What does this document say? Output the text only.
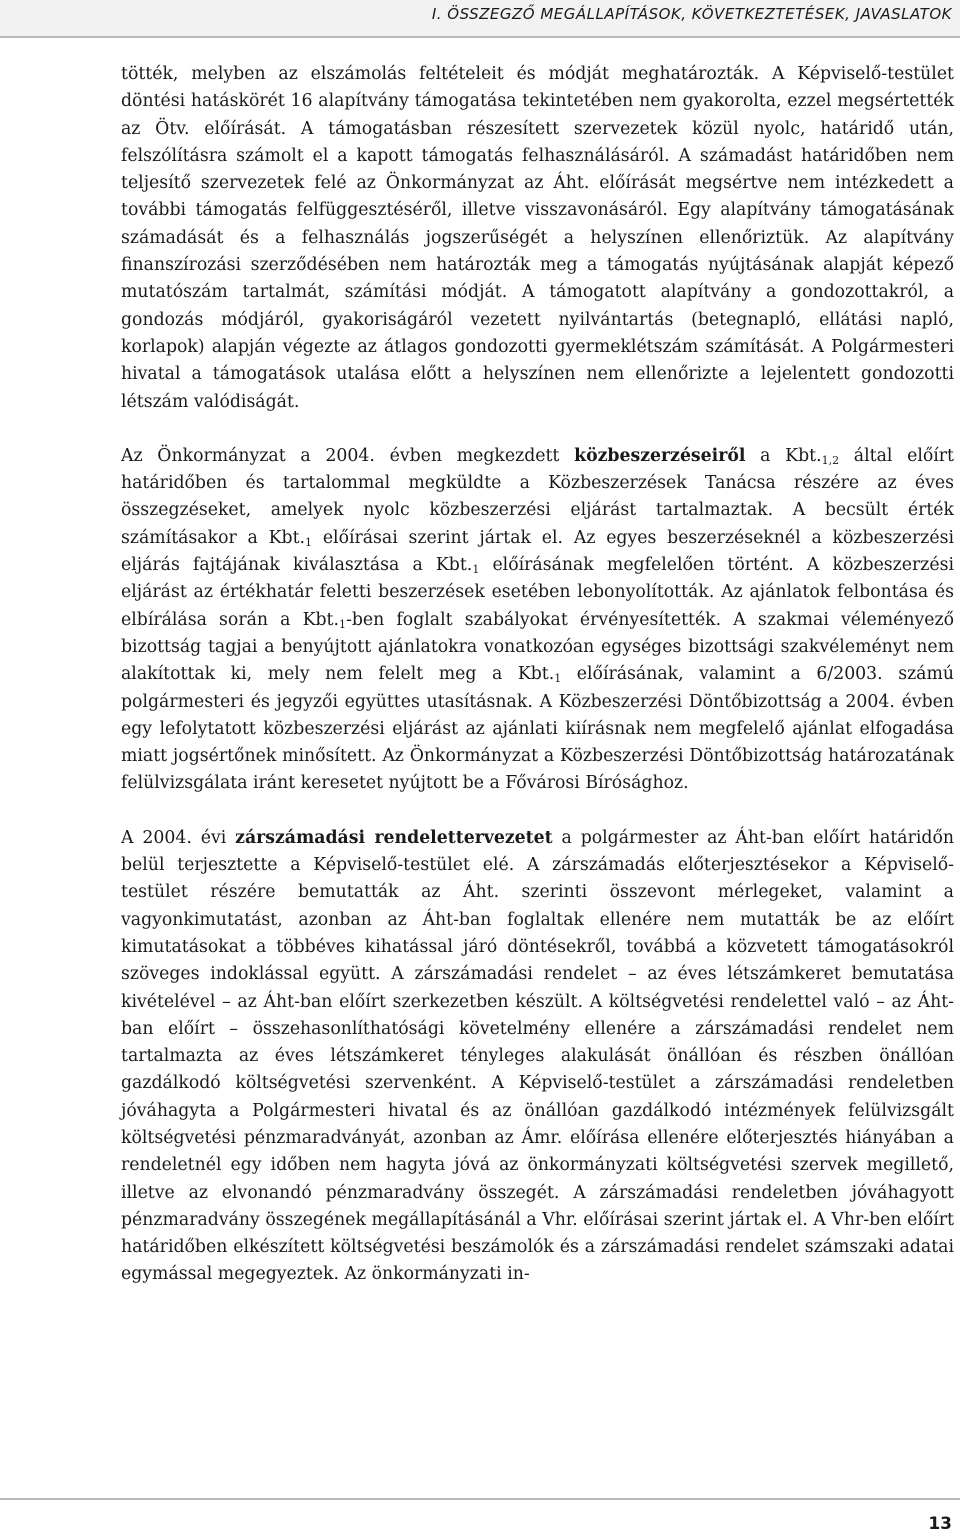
I. ÖSSZEGZŐ MEGÁLLAPÍTÁSOK, KÖVETKEZTETÉSEK, JAVASLATOK

tötték, melyben az elszámolás feltételeit és módját meghatározták. A Képviselő-testület döntési hatáskörét 16 alapítvány támogatása tekintetében nem gyakorolta, ezzel megsértették az Ötv. előírását. A támogatásban részesített szervezetek közül nyolc, határidő után, felszólításra számolt el a kapott támogatás felhasználásáról. A számadást határidőben nem teljesítő szervezetek felé az Önkormányzat az Áht. előírását megsértve nem intézkedett a további támogatás felfüggesztéséről, illetve visszavonásáról. Egy alapítvány támogatásának számadását és a felhasználás jogszerűségét a helyszínen ellenőriztük. Az alapítvány finanszírozási szerződésében nem határozták meg a támogatás nyújtásának alapját képező mutatószám tartalmát, számítási módját. A támogatott alapítvány a gondozottakról, a gondozás módjáról, gyakoriságáról vezetett nyilvántartás (betegnapló, ellátási napló, korlapok) alapján végezte az átlagos gondozotti gyermeklétszám számítását. A Polgármesteri hivatal a támogatások utalása előtt a helyszínen nem ellenőrizte a lejelentett gondozotti létszám valódiságát.

Az Önkormányzat a 2004. évben megkezdett közbeszerzéseiről a $Kbt._{1,2}$ által előírt határidőben és tartalommal megküldte a Közbeszerzések Tanácsa részére az éves összegzéseket, amelyek nyolc közbeszerzési eljárást tartalmaztak. A becsült érték számításakor a $Kbt._1$ előírásai szerint jártak el. Az egyes beszerzéseknél a közbeszerzési eljárás fajtájának kiválasztása a $Kbt._1$ előírásának megfelelően történt. A közbeszerzési eljárást az értékhatár feletti beszerzések esetében lebonyolították. Az ajánlatok felbontása és elbírálása során a $Kbt._1$-ben foglalt szabályokat érvényesítették. A szakmai véleményező bizottság tagjai a benyújtott ajánlatokra vonatkozóan egységes bizottsági szakvéleményt nem alakítottak ki, mely nem felelt meg a $Kbt._1$ előírásának, valamint a 6/2003. számú polgármesteri és jegyzői együttes utasításnak. A Közbeszerzési Döntőbizottság a 2004. évben egy lefolytatott közbeszerzési eljárást az ajánlati kiírásnak nem megfelelő ajánlat elfogadása miatt jogsértőnek minősített. Az Önkormányzat a Közbeszerzési Döntőbizottság határozatának felülvizsgálata iránt keresetet nyújtott be a Fővárosi Bírósághoz.

A 2004. évi zárszámadási rendelettervezetet a polgármester az Áht-ban előírt határidőn belül terjesztette a Képviselő-testület elé. A zárszámadás előterjesztésekor a Képviselő-testület részére bemutatták az Áht. szerinti összevont mérlegeket, valamint a vagyonkimutatást, azonban az Áht-ban foglaltak ellenére nem mutatták be az előírt kimutatásokat a többéves kihatással járó döntésekről, továbbá a közvetett támogatásokról szöveges indoklással együtt. A zárszámadási rendelet – az éves létszámkeret bemutatása kivételével – az Áht-ban előírt szerkezetben készült. A költségvetési rendelettel való – az Áht-ban előírt – összehasonlíthatósági követelmény ellenére a zárszámadási rendelet nem tartalmazta az éves létszámkeret tényleges alakulását önállóan és részben önállóan gazdálkodó költségvetési szervenként. A Képviselő-testület a zárszámadási rendeletben jóváhagyta a Polgármesteri hivatal és az önállóan gazdálkodó intézmények felülvizsgált költségvetési pénzmaradványát, azonban az Ámr. előírása ellenére előterjesztés hiányában a rendeletnél egy időben nem hagyta jóvá az önkormányzati költségvetési szervek megillető, illetve az elvonandó pénzmaradvány összegét. A zárszámadási rendeletben jóváhagyott pénzmaradvány összegének megállapításánál a Vhr. előírásai szerint jártak el. A Vhr-ben előírt határidőben elkészített költségvetési beszámolók és a zárszámadási rendelet számszaki adatai egymással megegyeztek. Az önkormányzati in-

13
